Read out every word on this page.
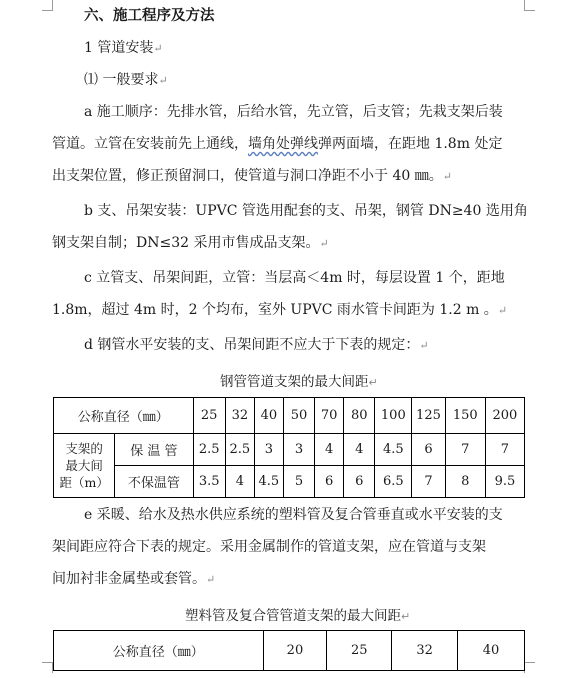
六、施工程序及方法
1 管道安装↵
⑴ 一般要求↵
a 施工顺序：先排水管，后给水管，先立管，后支管；先栽支架后装
管道。立管在安装前先上通线，墙角处弹线弹两面墙，在距地 1.8m 处定
出支架位置，修正预留洞口，使管道与洞口净距不小于 40 ㎜。↵
b 支、吊架安装：UPVC 管选用配套的支、吊架，钢管 DN≥40 选用角
钢支架自制；DN≤32 采用市售成品支架。↵
c 立管支、吊架间距，立管：当层高＜4m 时，每层设置 1 个，距地
1.8m，超过 4m 时，2 个均布，室外 UPVC 雨水管卡间距为 1.2 m 。↵
d 钢管水平安装的支、吊架间距不应大于下表的规定：↵
钢管管道支架的最大间距↵
公称直径（㎜）		25	32	40	50	70	80	100	125	150	200

支架的
最大间
距（m）	保 温 管	2.5	2.5	3	3	4	4	4.5	6	7	7
	不保温管	3.5	4	4.5	5	6	6	6.5	7	8	9.5
e 采暖、给水及热水供应系统的塑料管及复合管垂直或水平安装的支
架间距应符合下表的规定。采用金属制作的管道支架，应在管道与支架
间加衬非金属垫或套管。↵
塑料管及复合管管道支架的最大间距↵
公称直径（㎜）	20	25	32	40
